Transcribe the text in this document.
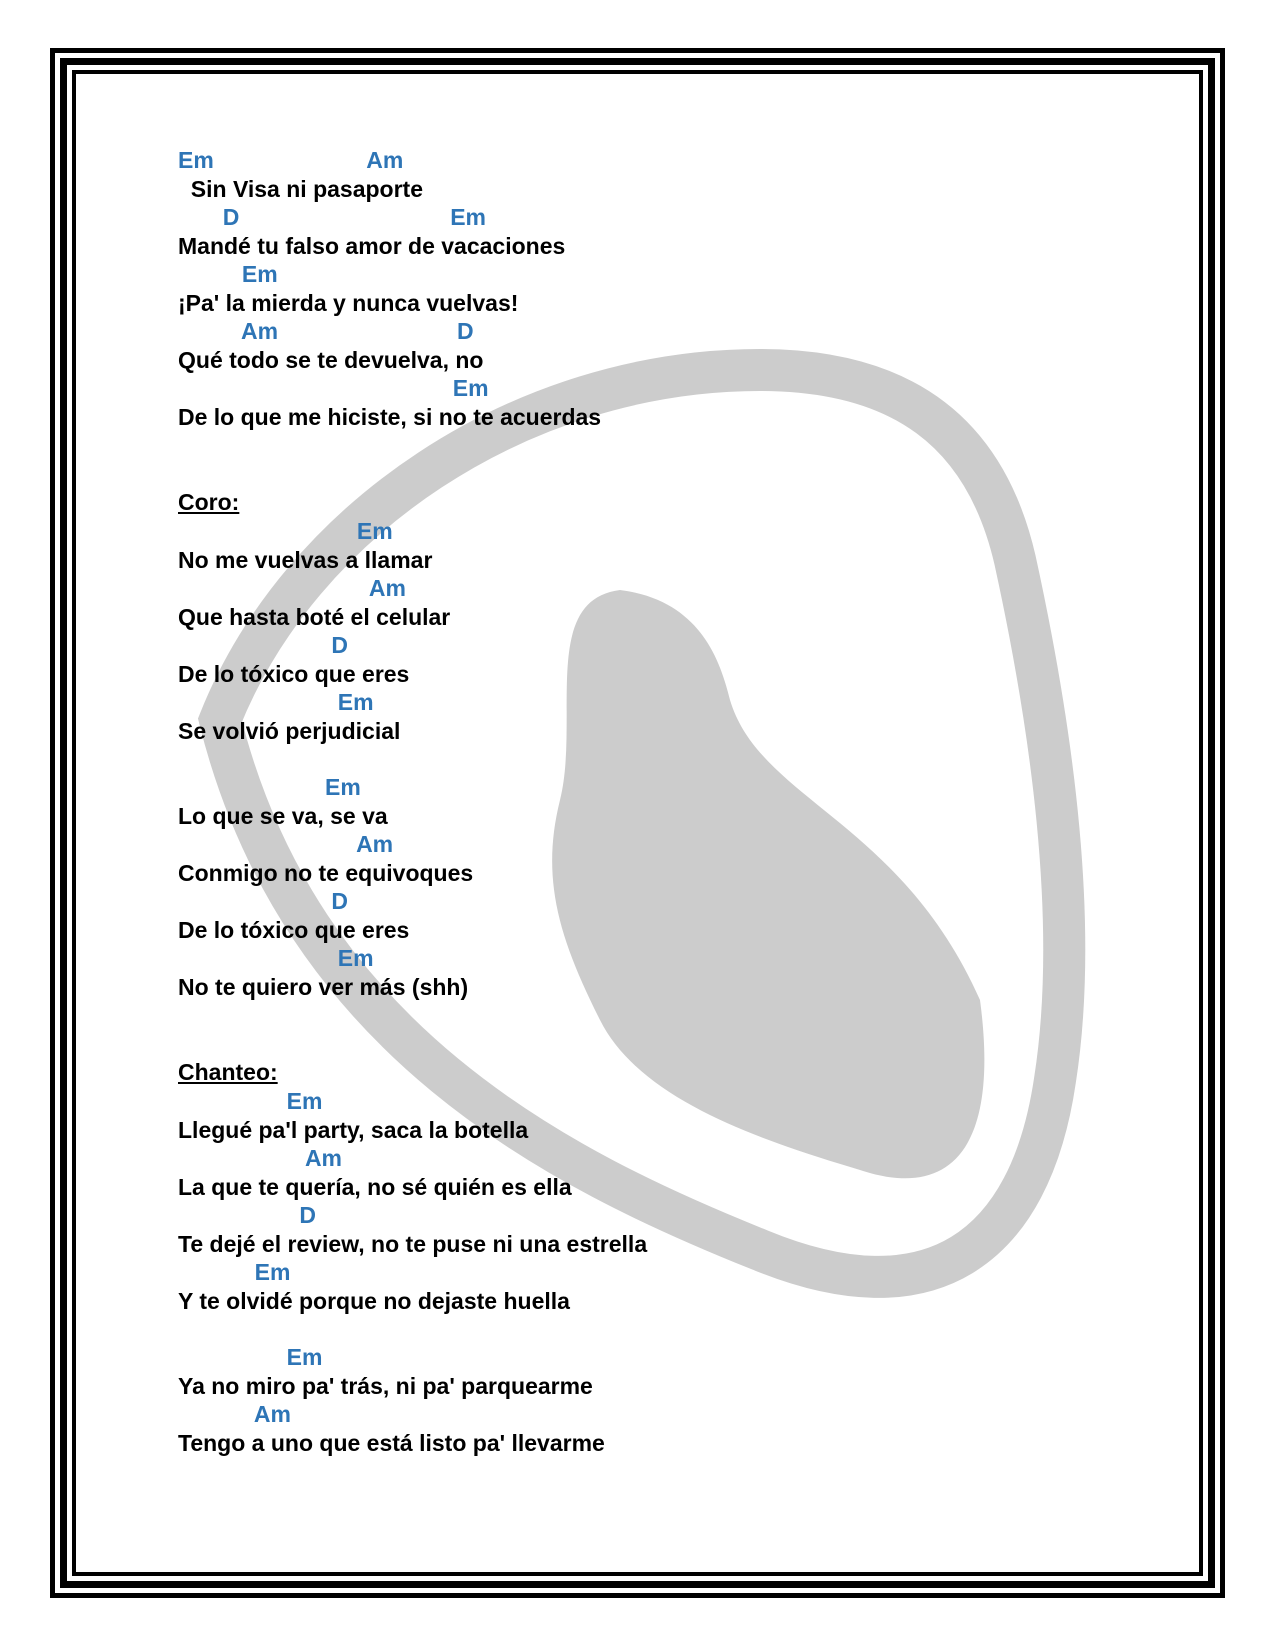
Em                        Am
Sin Visa ni pasaporte
D                                 Em
Mandé tu falso amor de vacaciones
Em
¡Pa' la mierda y nunca vuelvas!
Am                            D
Qué todo se te devuelva, no
Em
De lo que me hiciste, si no te acuerdas
Coro:
Em
No me vuelvas a llamar
Am
Que hasta boté el celular
D
De lo tóxico que eres
Em
Se volvió perjudicial
Em
Lo que se va, se va
Am
Conmigo no te equivoques
D
De lo tóxico que eres
Em
No te quiero ver más (shh)
Chanteo:
Em
Llegué pa'l party, saca la botella
Am
La que te quería, no sé quién es ella
D
Te dejé el review, no te puse ni una estrella
Em
Y te olvidé porque no dejaste huella
Em
Ya no miro pa' trás, ni pa' parquearme
Am
Tengo a uno que está listo pa' llevarme
